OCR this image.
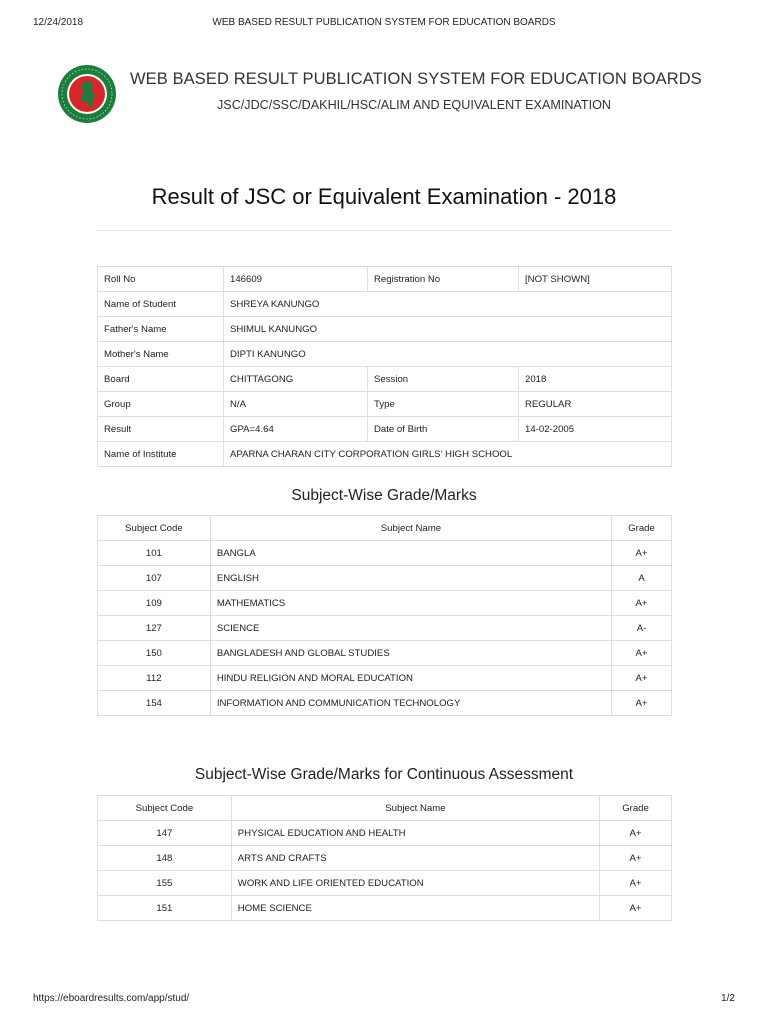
12/24/2018	WEB BASED RESULT PUBLICATION SYSTEM FOR EDUCATION BOARDS
WEB BASED RESULT PUBLICATION SYSTEM FOR EDUCATION BOARDS
JSC/JDC/SSC/DAKHIL/HSC/ALIM AND EQUIVALENT EXAMINATION
Result of JSC or Equivalent Examination - 2018
Roll No	146609	Registration No	[NOT SHOWN]
Name of Student	SHREYA KANUNGO		
Father's Name	SHIMUL KANUNGO		
Mother's Name	DIPTI KANUNGO		
Board	CHITTAGONG	Session	2018
Group	N/A	Type	REGULAR
Result	GPA=4.64	Date of Birth	14-02-2005
Name of Institute	APARNA CHARAN CITY CORPORATION GIRLS' HIGH SCHOOL		
Subject-Wise Grade/Marks
Subject Code	Subject Name	Grade
101	BANGLA	A+
107	ENGLISH	A
109	MATHEMATICS	A+
127	SCIENCE	A-
150	BANGLADESH AND GLOBAL STUDIES	A+
112	HINDU RELIGION AND MORAL EDUCATION	A+
154	INFORMATION AND COMMUNICATION TECHNOLOGY	A+
Subject-Wise Grade/Marks for Continuous Assessment
Subject Code	Subject Name	Grade
147	PHYSICAL EDUCATION AND HEALTH	A+
148	ARTS AND CRAFTS	A+
155	WORK AND LIFE ORIENTED EDUCATION	A+
151	HOME SCIENCE	A+
https://eboardresults.com/app/stud/	1/2
